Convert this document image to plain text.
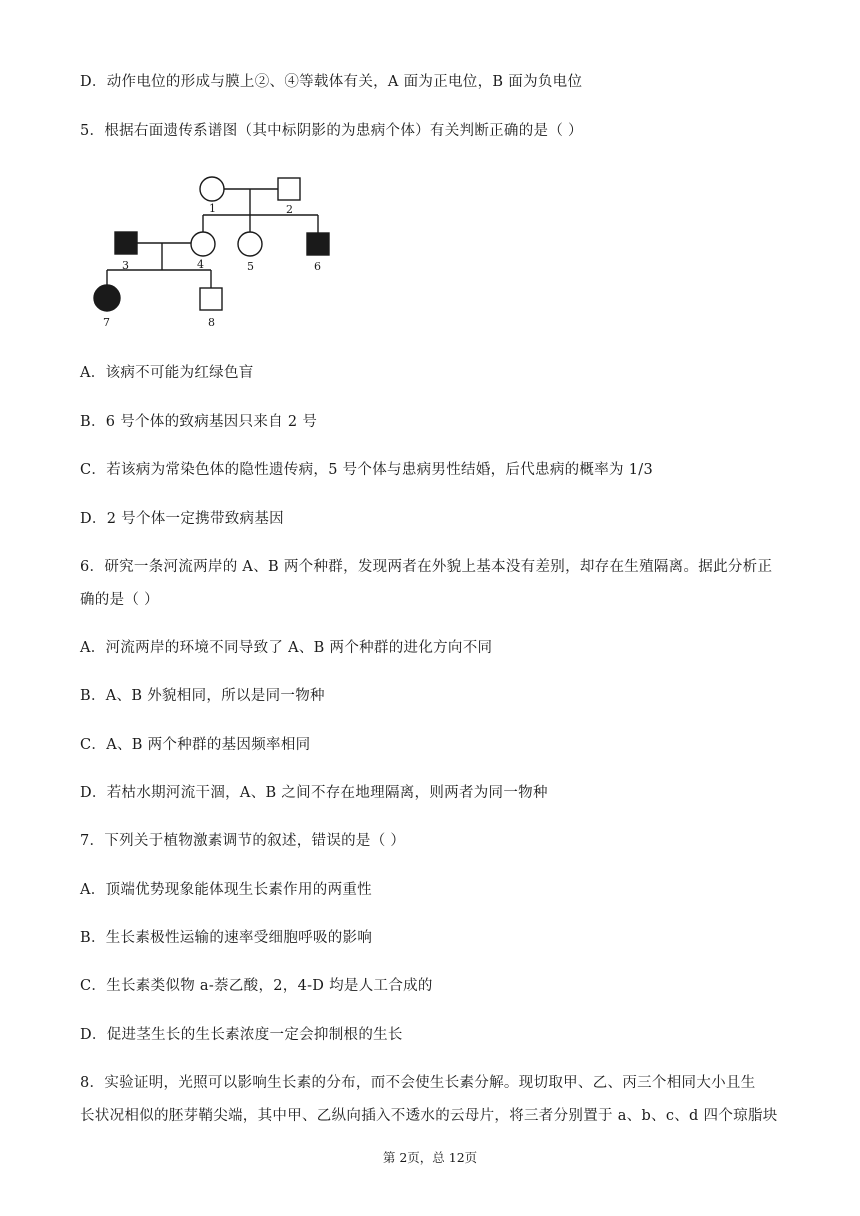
D．动作电位的形成与膜上②、④等载体有关，A 面为正电位，B 面为负电位
5．根据右面遗传系谱图（其中标阴影的为患病个体）有关判断正确的是（ ）
1	2
3	4	5	6
7	8
A．该病不可能为红绿色盲
B．6 号个体的致病基因只来自 2 号
C．若该病为常染色体的隐性遗传病，5 号个体与患病男性结婚，后代患病的概率为 1/3
D．2 号个体一定携带致病基因
6．研究一条河流两岸的 A、B 两个种群，发现两者在外貌上基本没有差别，却存在生殖隔离。据此分析正
确的是（ ）
A．河流两岸的环境不同导致了 A、B 两个种群的进化方向不同
B．A、B 外貌相同，所以是同一物种
C．A、B 两个种群的基因频率相同
D．若枯水期河流干涸，A、B 之间不存在地理隔离，则两者为同一物种
7．下列关于植物激素调节的叙述，错误的是（ ）
A．顶端优势现象能体现生长素作用的两重性
B．生长素极性运输的速率受细胞呼吸的影响
C．生长素类似物 a-萘乙酸，2，4-D 均是人工合成的
D．促进茎生长的生长素浓度一定会抑制根的生长
8．实验证明，光照可以影响生长素的分布，而不会使生长素分解。现切取甲、乙、丙三个相同大小且生
长状况相似的胚芽鞘尖端，其中甲、乙纵向插入不透水的云母片，将三者分别置于 a、b、c、d 四个琼脂块
第 2页，总 12页
